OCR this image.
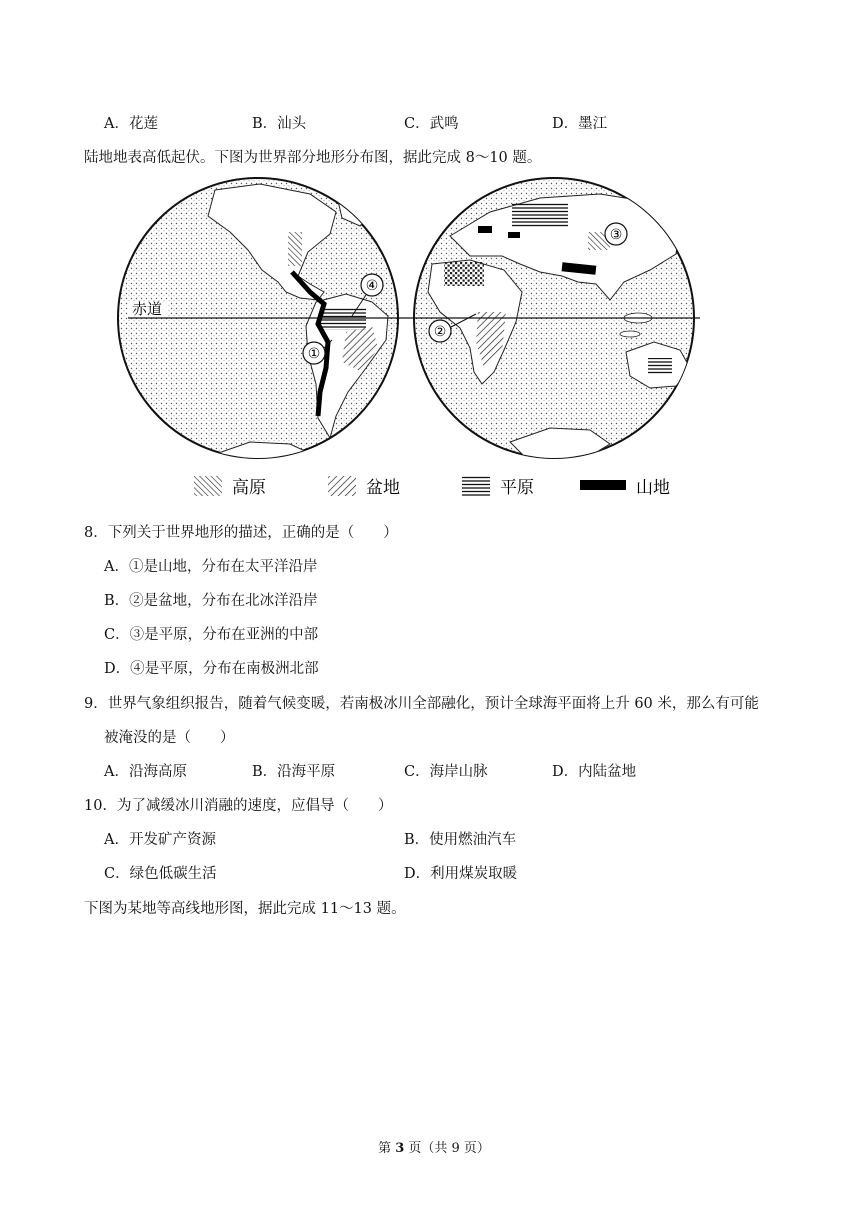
A．花莲	B．汕头	C．武鸣	D．墨江
陆地地表高低起伏。下图为世界部分地形分布图，据此完成 8～10 题。
①
④
③
②
赤道
高原	盆地	平原	山地
8．下列关于世界地形的描述，正确的是（　　）
A．①是山地，分布在太平洋沿岸
B．②是盆地，分布在北冰洋沿岸
C．③是平原，分布在亚洲的中部
D．④是平原，分布在南极洲北部
9．世界气象组织报告，随着气候变暖，若南极冰川全部融化，预计全球海平面将上升 60 米，那么有可能
被淹没的是（　　）
A．沿海高原	B．沿海平原	C．海岸山脉	D．内陆盆地
10．为了减缓冰川消融的速度，应倡导（　　）
A．开发矿产资源	B．使用燃油汽车
C．绿色低碳生活	D．利用煤炭取暖
下图为某地等高线地形图，据此完成 11～13 题。
第 3 页（共 9 页）
